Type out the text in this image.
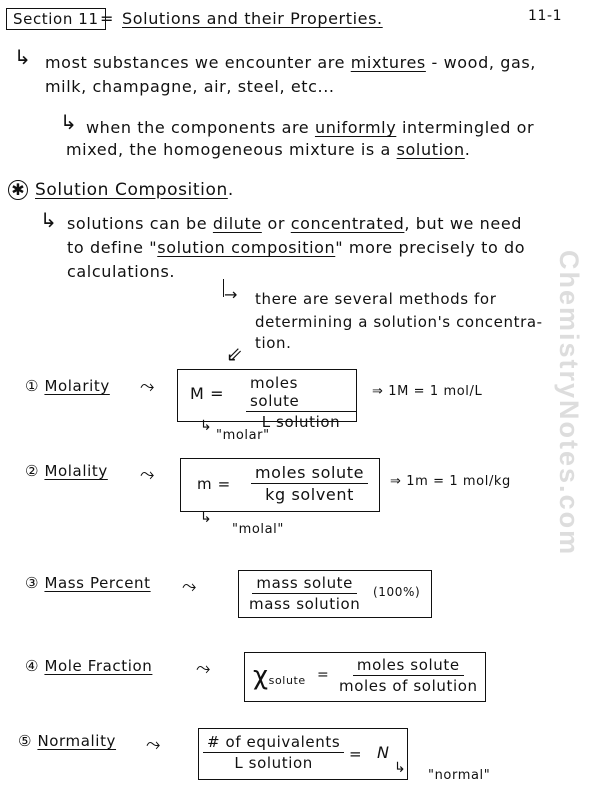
ChemistryNotes.com
Section 11 = Solutions and their Properties.	11-1
↳ most substances we encounter are mixtures - wood, gas,
milk, champagne, air, steel, etc...
↳ when the components are uniformly intermingled or
mixed, the homogeneous mixture is a solution.
✱ Solution Composition.
↳ solutions can be dilute or concentrated, but we need
to define "solution composition" more precisely to do
calculations.
→ there are several methods for
determining a solution's concentra-
tion.
⇙
① Molarity ⤳ M =
moles solute
L solution
⇒ 1M = 1 mol/L
↳
"molar"
② Molality ⤳	m =
moles solute
kg solvent
⇒ 1m = 1 mol/kg
↳
"molal"
③ Mass Percent ⤳	mass solute
mass solution
(100%)
④ Mole Fraction ⤳ χsolute =
moles solute
moles of solution
⑤ Normality ⤳	# of equivalents
L solution = N
↳ "normal"
